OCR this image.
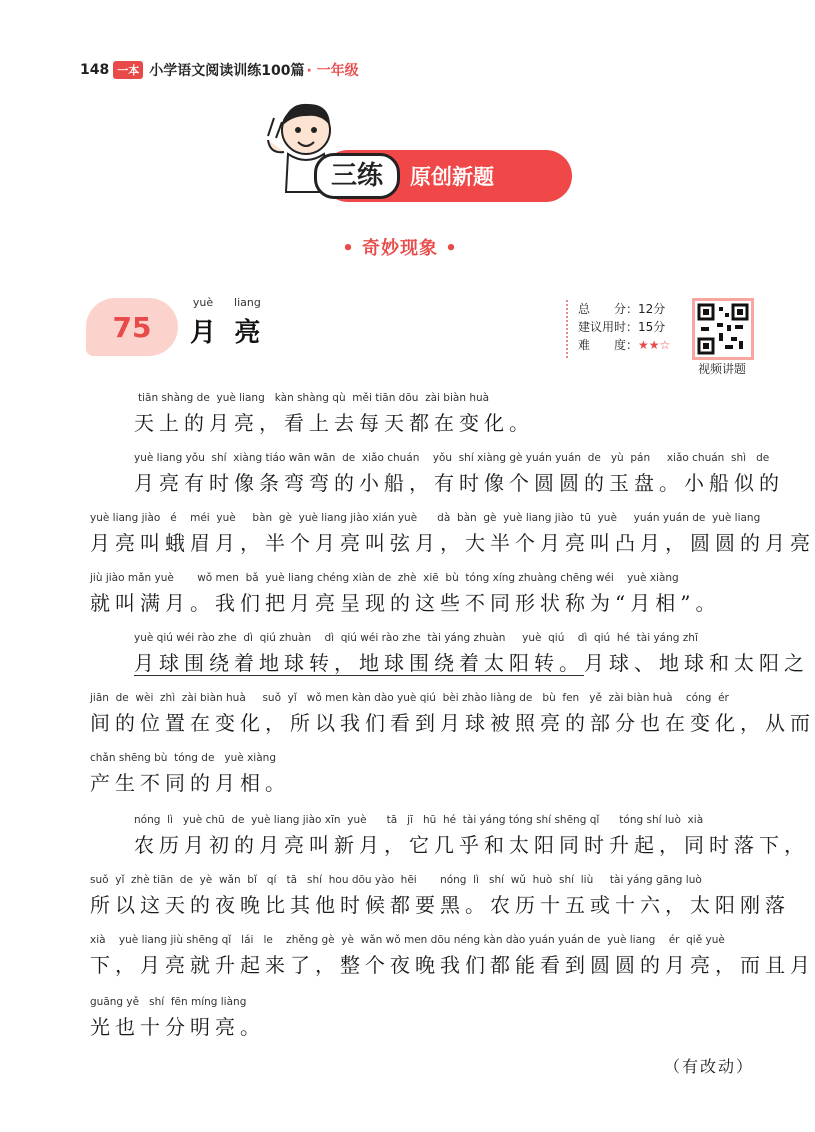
148 一本 小学语文阅读训练100篇 · 一年级
三练	原创新题
• 奇妙现象 •
75
yuè
月
liang
亮
总　　分：12分
建议用时：15分
难　　度：★★☆
视频讲题
tiān shàng de  yuè liang   kàn shàng qù  měi tiān dōu  zài biàn huà
天上的月亮，看上去每天都在变化。
yuè liang yǒu  shí  xiàng tiáo wān wān  de  xiǎo chuán    yǒu  shí xiàng gè yuán yuán  de   yù  pán     xiǎo chuán  shì   de
月亮有时像条弯弯的小船，有时像个圆圆的玉盘。小船似的
yuè liang jiào   é    méi  yuè     bàn  gè  yuè liang jiào xián yuè      dà  bàn  gè  yuè liang jiào  tū  yuè     yuán yuán de  yuè liang
月亮叫蛾眉月，半个月亮叫弦月，大半个月亮叫凸月，圆圆的月亮
jiù jiào mǎn yuè       wǒ men  bǎ  yuè liang chéng xiàn de  zhè  xiē  bù  tóng xíng zhuàng chēng wéi    yuè xiàng
就叫满月。我们把月亮呈现的这些不同形状称为“月相”。
yuè qiú wéi rào zhe  dì  qiú zhuàn    dì  qiú wéi rào zhe  tài yáng zhuàn     yuè  qiú    dì  qiú  hé  tài yáng zhī
月球围绕着地球转，地球围绕着太阳转。月球、地球和太阳之
jiān  de  wèi  zhì  zài biàn huà     suǒ  yǐ   wǒ men kàn dào yuè qiú  bèi zhào liàng de   bù  fen   yě  zài biàn huà    cóng  ér
间的位置在变化，所以我们看到月球被照亮的部分也在变化，从而
chǎn shēng bù  tóng de   yuè xiàng
产生不同的月相。
nóng  lì   yuè chū  de  yuè liang jiào xīn  yuè      tā   jī   hū  hé  tài yáng tóng shí shēng qǐ      tóng shí luò  xià
农历月初的月亮叫新月，它几乎和太阳同时升起，同时落下，
suǒ  yǐ  zhè tiān  de  yè  wǎn  bǐ   qí   tā   shí  hou dōu yào  hēi       nóng  lì   shí  wǔ  huò  shí  liù     tài yáng gāng luò
所以这天的夜晚比其他时候都要黑。农历十五或十六，太阳刚落
xià    yuè liang jiù shēng qǐ   lái   le    zhěng gè  yè  wǎn wǒ men dōu néng kàn dào yuán yuán de  yuè liang    ér  qiě yuè
下，月亮就升起来了，整个夜晚我们都能看到圆圆的月亮，而且月
guāng yě   shí  fēn míng liàng
光也十分明亮。
（有改动）
